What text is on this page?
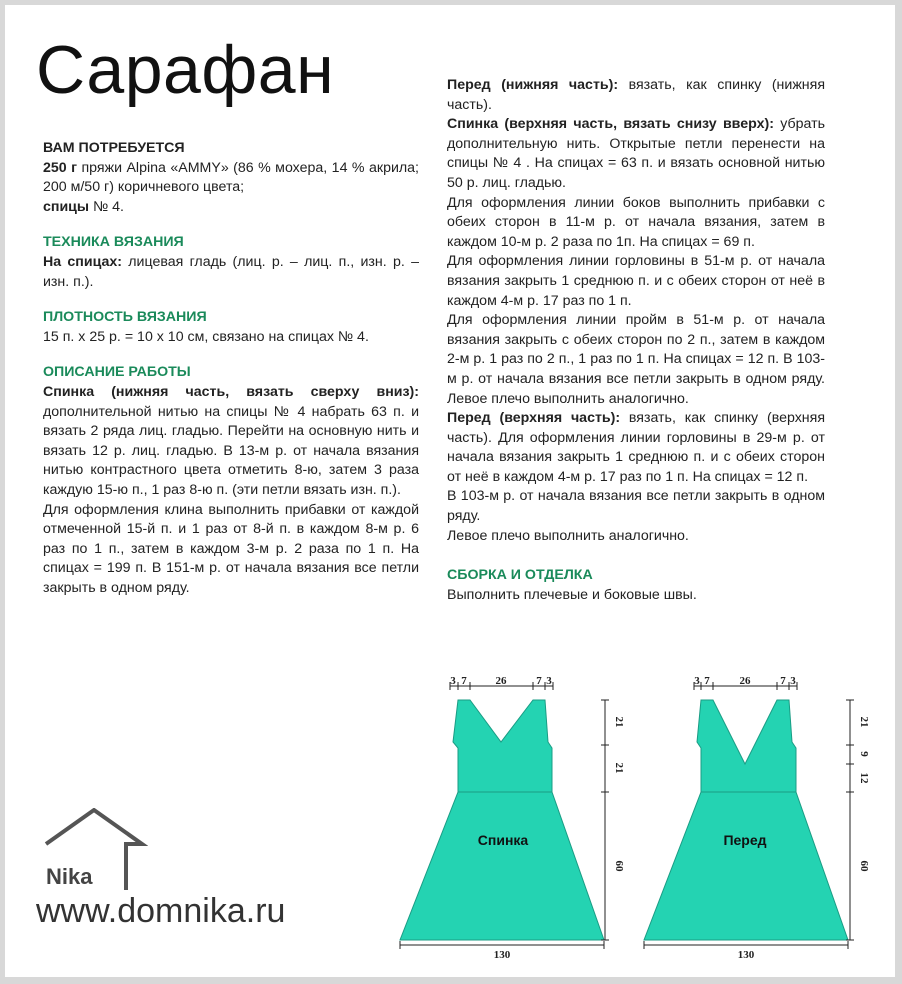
Сарафан

ВАМ ПОТРЕБУЕТСЯ

250 г пряжи Alpina «AMMY» (86 % мохера, 14 % акрила; 200 м/50 г) коричневого цвета;

спицы № 4.

ТЕХНИКА ВЯЗАНИЯ

На спицах: лицевая гладь (лиц. р. – лиц. п., изн. р. – изн. п.).

ПЛОТНОСТЬ ВЯЗАНИЯ

15 п. х 25 р. = 10 х 10 см, связано на спицах № 4.

ОПИСАНИЕ РАБОТЫ

Спинка (нижняя часть, вязать сверху вниз): дополнительной нитью на спицы № 4 набрать 63 п. и вязать 2 ряда лиц. гладью. Перейти на основную нить и вязать 12 р. лиц. гладью. В 13-м р. от начала вязания нитью контрастного цвета отметить 8-ю, затем 3 раза каждую 15-ю п., 1 раз 8-ю п. (эти петли вязать изн. п.).

Для оформления клина выполнить прибавки от каждой отмеченной 15-й п. и 1 раз от 8-й п. в каждом 8-м р. 6 раз по 1 п., затем в каждом 3-м р. 2 раза по 1 п. На спицах = 199 п. В 151-м р. от начала вязания все петли закрыть в одном ряду.

Перед (нижняя часть): вязать, как спинку (нижняя часть).

Спинка (верхняя часть, вязать снизу вверх): убрать дополнительную нить. Открытые петли перенести на спицы № 4 . На спицах = 63 п. и вязать основной нитью 50 р. лиц. гладью.

Для оформления линии боков выполнить прибавки с обеих сторон в 11-м р. от начала вязания, затем в каждом 10-м р. 2 раза по 1п. На спицах = 69 п.

Для оформления линии горловины в 51-м р. от начала вязания закрыть 1 среднюю п. и с обеих сторон от неё в каждом 4-м р. 17 раз по 1 п.

Для оформления линии пройм в 51-м р. от начала вязания закрыть с обеих сторон по 2 п., затем в каждом 2-м р. 1 раз по 2 п., 1 раз по 1 п. На спицах = 12 п. В 103-м р. от начала вязания все петли закрыть в одном ряду. Левое плечо выполнить аналогично.

Перед (верхняя часть): вязать, как спинку (верхняя часть). Для оформления линии горловины в 29-м р. от начала вязания закрыть 1 среднюю п. и с обеих сторон от неё в каждом 4-м р. 17 раз по 1 п. На спицах = 12 п.

В 103-м р. от начала вязания все петли закрыть в одном ряду.

Левое плечо выполнить аналогично.

СБОРКА И ОТДЕЛКА

Выполнить плечевые и боковые швы.

Спинка
3 7	26	7 3
21
21
60
130
Перед
3 7	26	7 3
21
9
12
60
130
Nika
www.domnika.ru
